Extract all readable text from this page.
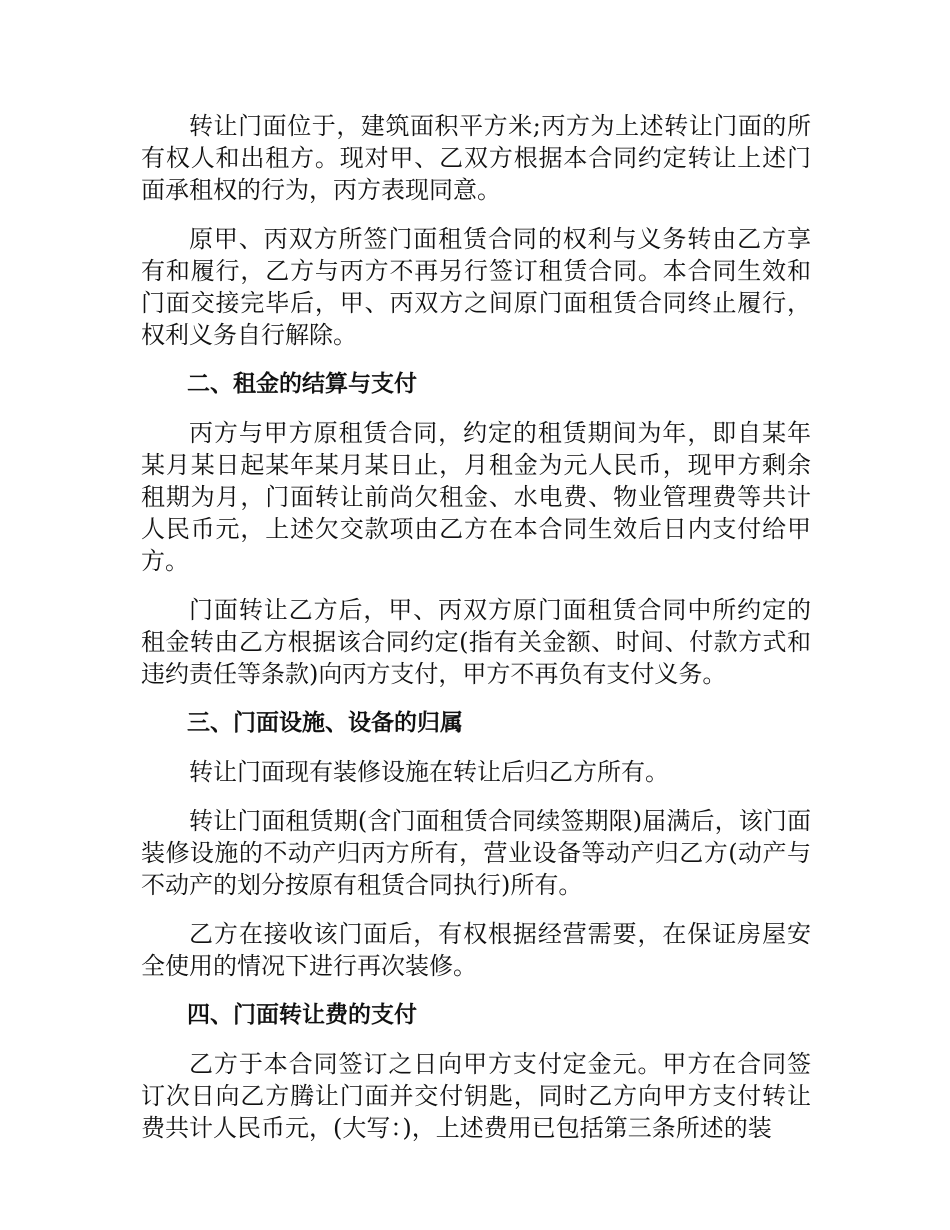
转让门面位于，建筑面积平方米;丙方为上述转让门面的所有权人和出租方。现对甲、乙双方根据本合同约定转让上述门面承租权的行为，丙方表现同意。

原甲、丙双方所签门面租赁合同的权利与义务转由乙方享有和履行，乙方与丙方不再另行签订租赁合同。本合同生效和门面交接完毕后，甲、丙双方之间原门面租赁合同终止履行，权利义务自行解除。

二、租金的结算与支付

丙方与甲方原租赁合同，约定的租赁期间为年，即自某年某月某日起某年某月某日止，月租金为元人民币，现甲方剩余租期为月，门面转让前尚欠租金、水电费、物业管理费等共计人民币元，上述欠交款项由乙方在本合同生效后日内支付给甲方。

门面转让乙方后，甲、丙双方原门面租赁合同中所约定的租金转由乙方根据该合同约定(指有关金额、时间、付款方式和违约责任等条款)向丙方支付，甲方不再负有支付义务。

三、门面设施、设备的归属

转让门面现有装修设施在转让后归乙方所有。

转让门面租赁期(含门面租赁合同续签期限)届满后，该门面装修设施的不动产归丙方所有，营业设备等动产归乙方(动产与不动产的划分按原有租赁合同执行)所有。

乙方在接收该门面后，有权根据经营需要，在保证房屋安全使用的情况下进行再次装修。

四、门面转让费的支付

乙方于本合同签订之日向甲方支付定金元。甲方在合同签订次日向乙方腾让门面并交付钥匙，同时乙方向甲方支付转让费共计人民币元，(大写：)，上述费用已包括第三条所述的装
